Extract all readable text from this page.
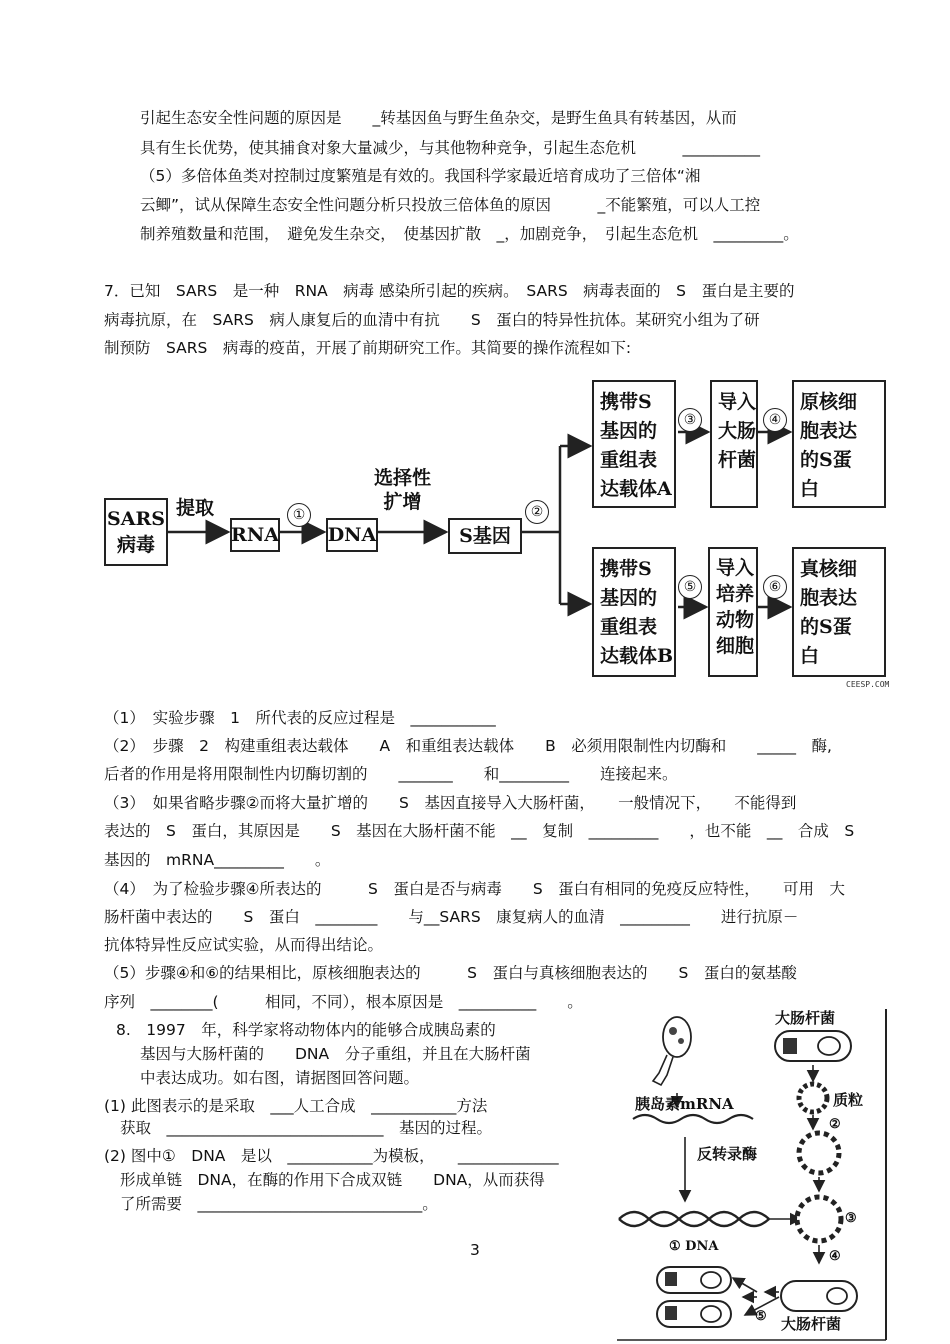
引起生态安全性问题的原因是　　_转基因鱼与野生鱼杂交，是野生鱼具有转基因，从而
具有生长优势，使其捕食对象大量减少，与其他物种竞争，引起生态危机　　　__________
（5）多倍体鱼类对控制过度繁殖是有效的。我国科学家最近培育成功了三倍体“湘
云鲫”，试从保障生态安全性问题分析只投放三倍体鱼的原因　　　_不能繁殖，可以人工控
制养殖数量和范围，　避免发生杂交，　使基因扩散　_，加剧竞争，　引起生态危机　_________。
7．已知　SARS　是一种　RNA　病毒 感染所引起的疾病。　SARS　病毒表面的　S　蛋白是主要的
病毒抗原，在　SARS　病人康复后的血清中有抗　　S　蛋白的特异性抗体。某研究小组为了研
制预防　SARS　病毒的疫苗，开展了前期研究工作。其简要的操作流程如下:
SARS
病毒
提取
RNA
①
DNA
选择性
扩增
S基因
②
携带S
基因的
重组表
达载体A
③
导入
大肠
杆菌
④
原核细
胞表达
的S蛋
白
携带S
基因的
重组表
达载体B
⑤
导入
培养
动物
细胞
⑥
真核细
胞表达
的S蛋
白
CEESP.COM
（1）　实验步骤　1　所代表的反应过程是　___________
（2）　步骤　2　构建重组表达载体　　A　和重组表达载体　　B　必须用限制性内切酶和　　_____　酶,
后者的作用是将用限制性内切酶切割的　　_______　　和_________　　连接起来。
（3）　如果省略步骤②而将大量扩增的　　S　基因直接导入大肠杆菌，　　一般情况下，　　不能得到
表达的　S　蛋白，其原因是　　S　基因在大肠杆菌不能　__　复制　_________　　，也不能　__　合成　S
基因的　mRNA_________　　。
（4）　为了检验步骤④所表达的　　　S　蛋白是否与病毒　　S　蛋白有相同的免疫反应特性，　　可用　大
肠杆菌中表达的　　S　蛋白　________　　与__SARS　康复病人的血清　_________　　进行抗原－
抗体特异性反应试实验，从而得出结论。
（5）步骤④和⑥的结果相比，原核细胞表达的　　　S　蛋白与真核细胞表达的　　S　蛋白的氨基酸
序列　________(　　　相同，不同），根本原因是　__________　　。
8.　1997　年，科学家将动物体内的能够合成胰岛素的
基因与大肠杆菌的　　DNA　分子重组，并且在大肠杆菌
中表达成功。如右图，请据图回答问题。
(1) 此图表示的是采取　___人工合成　___________方法
获取　____________________________　基因的过程。
(2) 图中①　DNA　是以　___________为模板，　　_____________
形成单链　DNA，在酶的作用下合成双链　　DNA，从而获得
了所需要　_____________________________。
3
大肠杆菌
质粒
胰岛素mRNA
反转录酶
②
③
④
① DNA
⑤ 大肠杆菌
